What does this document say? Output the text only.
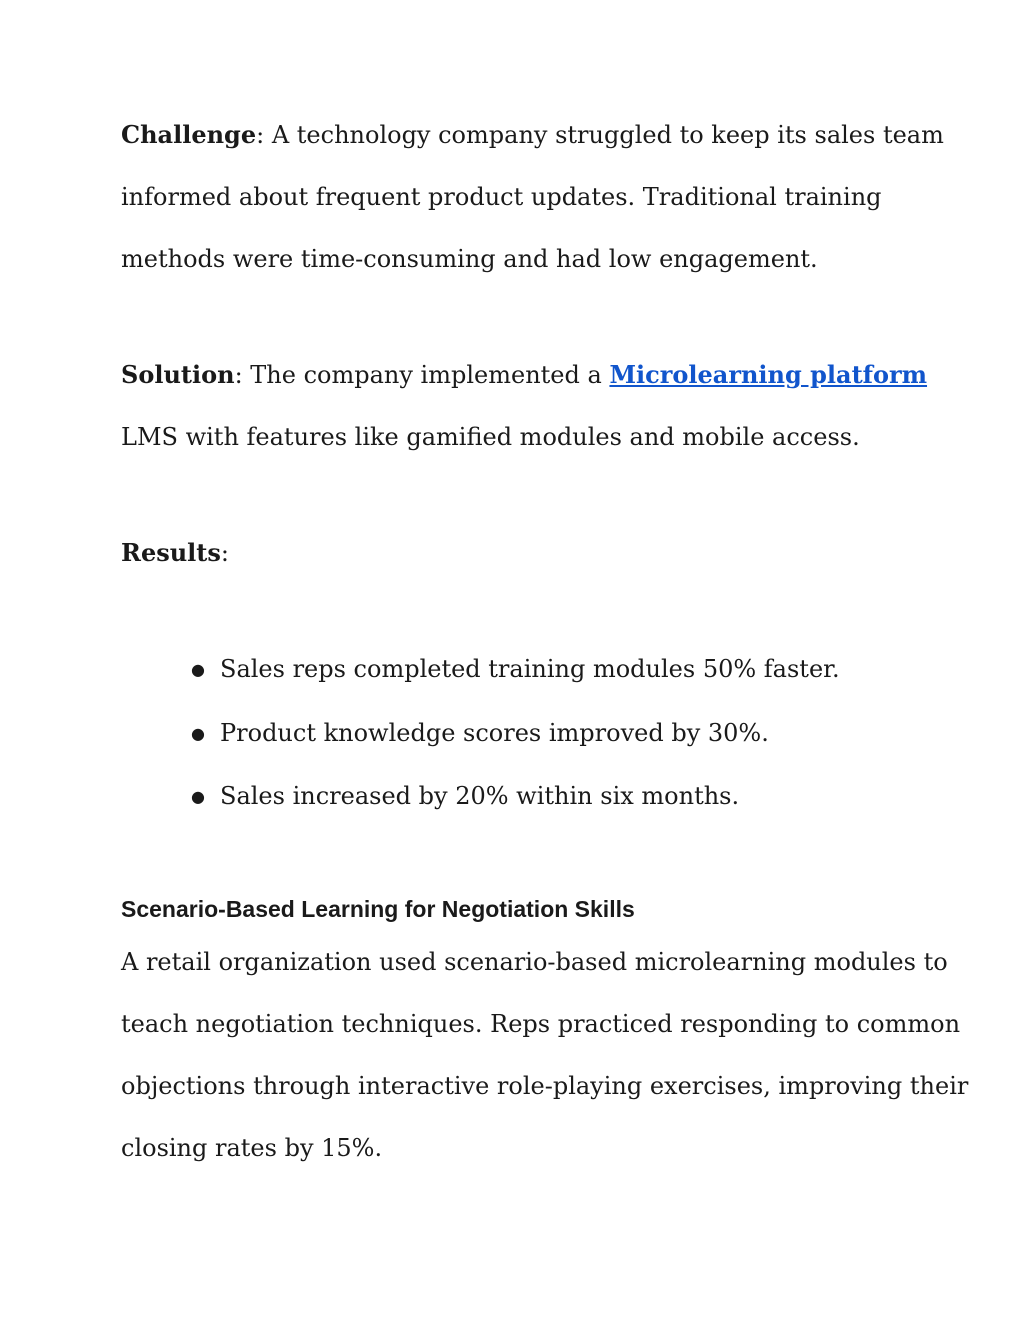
Challenge: A technology company struggled to keep its sales team
informed about frequent product updates. Traditional training
methods were time-consuming and had low engagement.

Solution: The company implemented a Microlearning platform
LMS with features like gamified modules and mobile access.

Results:

● Sales reps completed training modules 50% faster.
● Product knowledge scores improved by 30%.
● Sales increased by 20% within six months.
Scenario-Based Learning for Negotiation Skills

A retail organization used scenario-based microlearning modules to
teach negotiation techniques. Reps practiced responding to common
objections through interactive role-playing exercises, improving their
closing rates by 15%.
